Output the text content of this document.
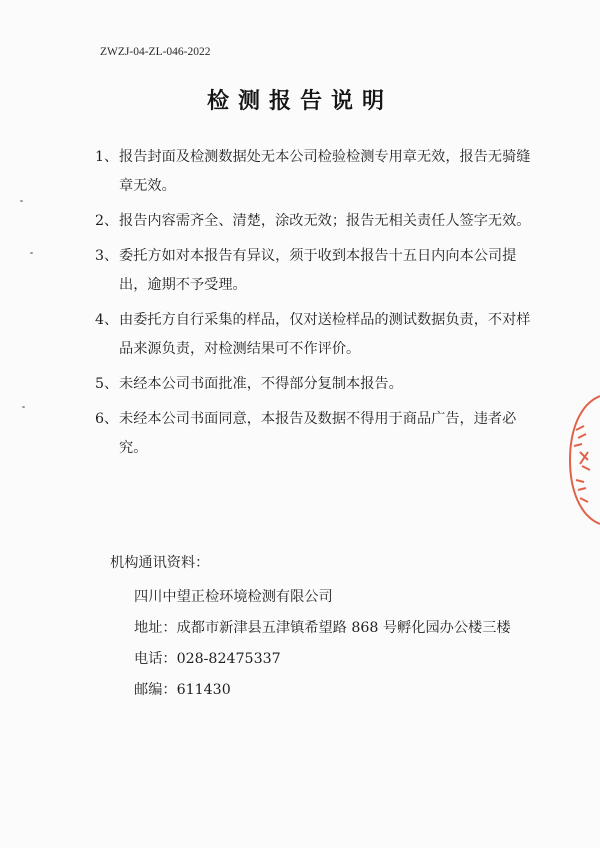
ZWZJ-04-ZL-046-2022
检测报告说明
1、 报告封面及检测数据处无本公司检验检测专用章无效，报告无骑缝章无效。
2、 报告内容需齐全、清楚，涂改无效；报告无相关责任人签字无效。
3、 委托方如对本报告有异议，须于收到本报告十五日内向本公司提出，逾期不予受理。
4、 由委托方自行采集的样品，仅对送检样品的测试数据负责，不对样品来源负责，对检测结果可不作评价。
5、 未经本公司书面批准，不得部分复制本报告。
6、 未经本公司书面同意，本报告及数据不得用于商品广告，违者必究。
机构通讯资料：
四川中望正检环境检测有限公司
地址：成都市新津县五津镇希望路 868 号孵化园办公楼三楼
电话：028-82475337
邮编：611430
